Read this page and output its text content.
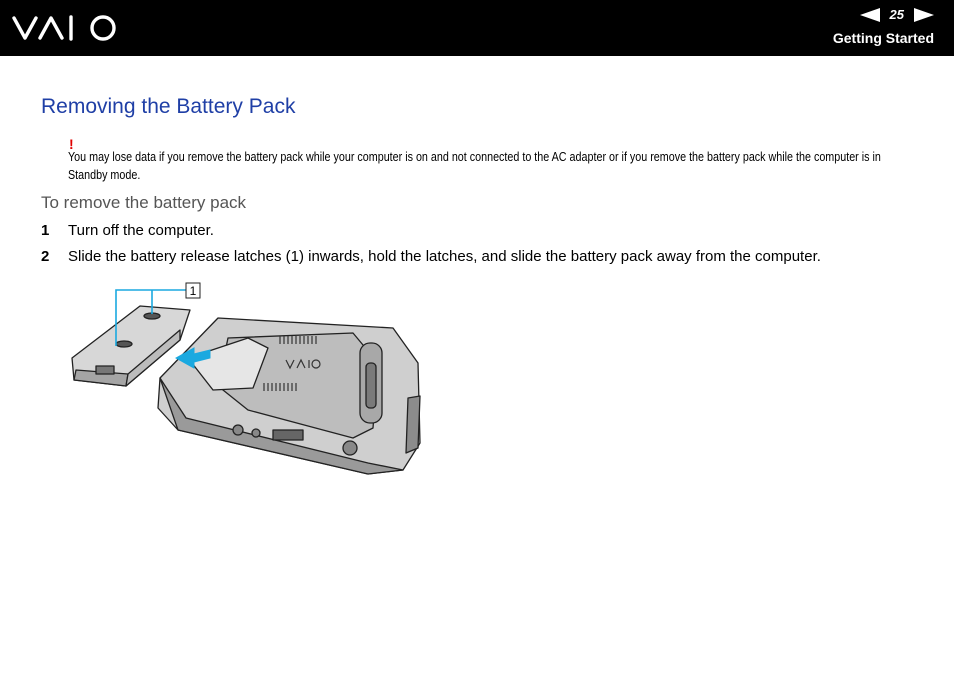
25
Getting Started
Removing the Battery Pack
!
You may lose data if you remove the battery pack while your computer is on and not connected to the AC adapter or if you remove the battery pack while the computer is in Standby mode.
To remove the battery pack
1 Turn off the computer.
2 Slide the battery release latches (1) inwards, hold the latches, and slide the battery pack away from the computer.
1
